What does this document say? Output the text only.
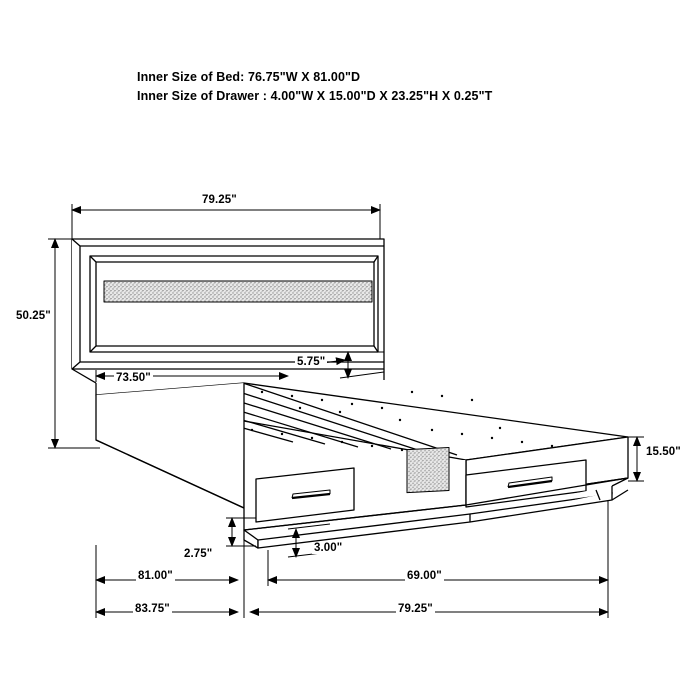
Inner Size of Bed: 76.75"W X 81.00"D
Inner Size of Drawer : 4.00"W X 15.00"D X 23.25"H X 0.25"T
79.25"
50.25"
73.50"
5.75"
15.50"
2.75"	3.00"
81.00"	69.00"
83.75"	79.25"
